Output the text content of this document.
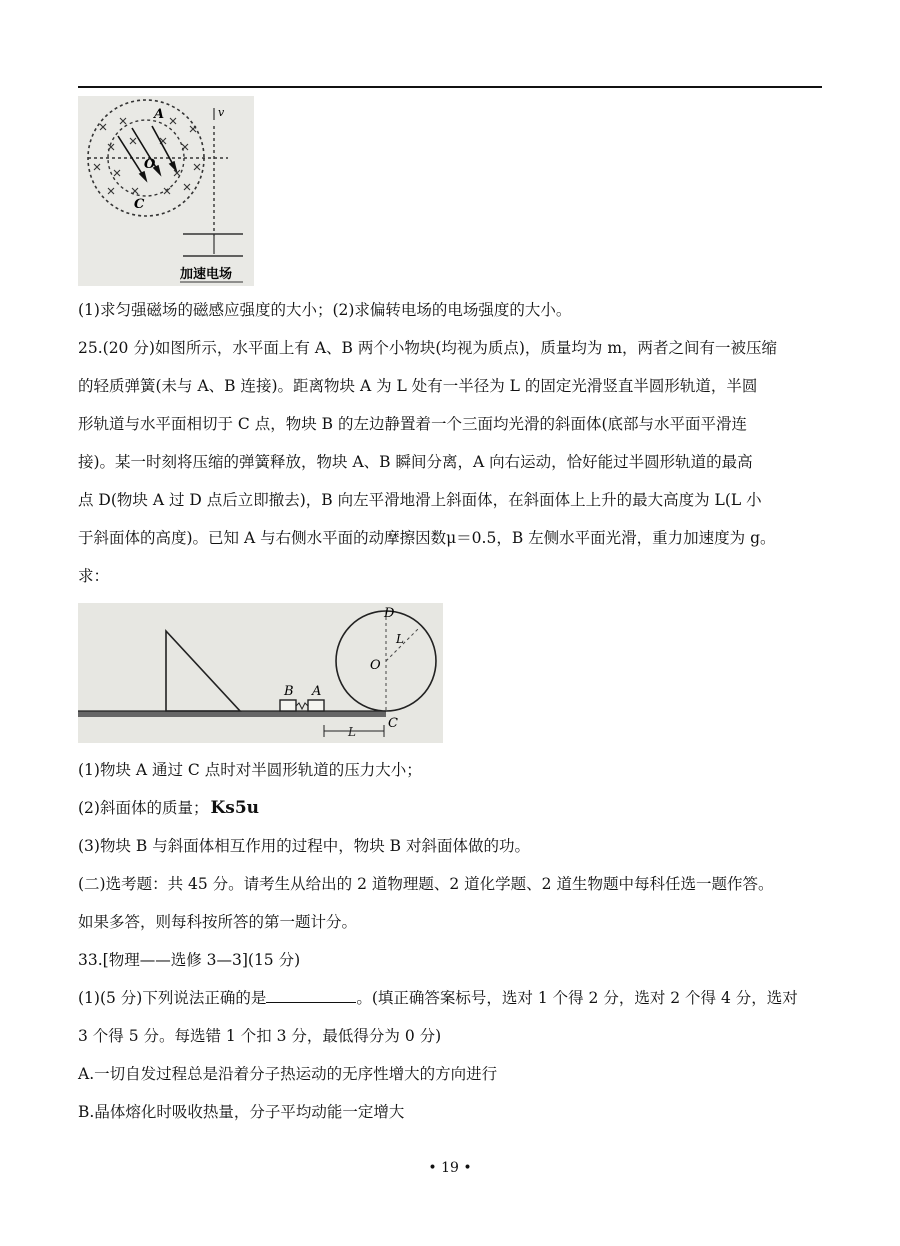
A
O
C
v
加速电场
(1)求匀强磁场的磁感应强度的大小；(2)求偏转电场的电场强度的大小。
25.(20 分)如图所示，水平面上有 A、B 两个小物块(均视为质点)，质量均为 m，两者之间有一被压缩
的轻质弹簧(未与 A、B 连接)。距离物块 A 为 L 处有一半径为 L 的固定光滑竖直半圆形轨道，半圆
形轨道与水平面相切于 C 点，物块 B 的左边静置着一个三面均光滑的斜面体(底部与水平面平滑连
接)。某一时刻将压缩的弹簧释放，物块 A、B 瞬间分离，A 向右运动，恰好能过半圆形轨道的最高
点 D(物块 A 过 D 点后立即撤去)，B 向左平滑地滑上斜面体，在斜面体上上升的最大高度为 L(L 小
于斜面体的高度)。已知 A 与右侧水平面的动摩擦因数μ＝0.5，B 左侧水平面光滑，重力加速度为 g。
求：
B A
D
O
L
C
L
(1)物块 A 通过 C 点时对半圆形轨道的压力大小；
(2)斜面体的质量； Ks5u
(3)物块 B 与斜面体相互作用的过程中，物块 B 对斜面体做的功。
(二)选考题：共 45 分。请考生从给出的 2 道物理题、2 道化学题、2 道生物题中每科任选一题作答。
如果多答，则每科按所答的第一题计分。
33.[物理——选修 3—3](15 分)
(1)(5 分)下列说法正确的是	。(填正确答案标号，选对 1 个得 2 分，选对 2 个得 4 分，选对
3 个得 5 分。每选错 1 个扣 3 分，最低得分为 0 分)
A.一切自发过程总是沿着分子热运动的无序性增大的方向进行
B.晶体熔化时吸收热量，分子平均动能一定增大
• 19 •
